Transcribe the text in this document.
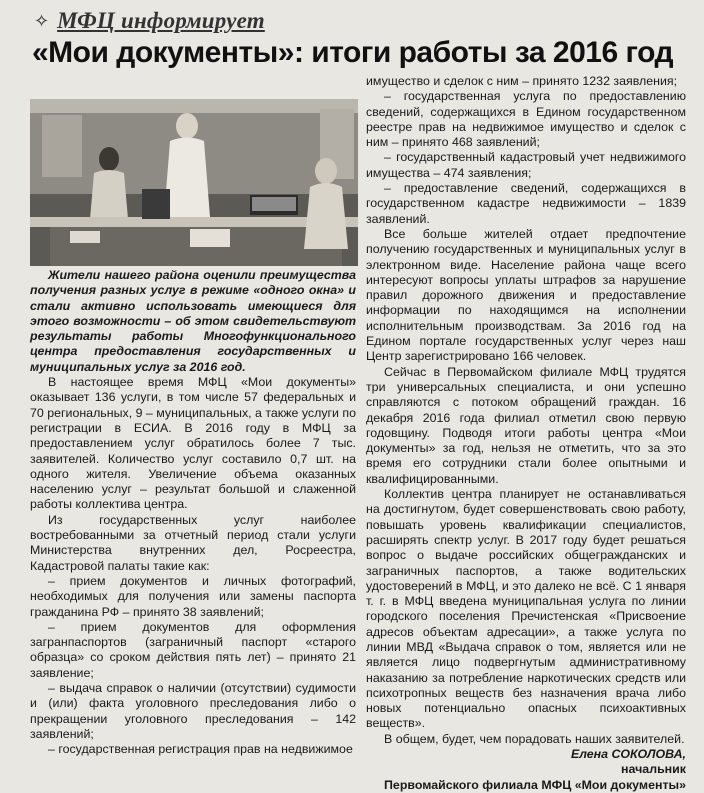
✧ МФЦ информирует
«Мои документы»: итоги работы за 2016 год

Жители нашего района оценили преимущества получения разных услуг в режиме «одного окна» и стали активно использовать имеющиеся для этого возможности – об этом свидетельствуют результаты работы Многофункционального центра предоставления государственных и муниципальных услуг за 2016 год.

В настоящее время МФЦ «Мои документы» оказывает 136 услуги, в том числе 57 федеральных и 70 региональных, 9 – муниципальных, а также услуги по регистрации в ЕСИА. В 2016 году в МФЦ за предоставлением услуг обратилось более 7 тыс. заявителей. Количество услуг составило 0,7 шт. на одного жителя. Увеличение объема оказанных населению услуг – результат большой и слаженной работы коллектива центра.

Из государственных услуг наиболее востребованными за отчетный период стали услуги Министерства внутренних дел, Росреестра, Кадастровой палаты такие как:

– прием документов и личных фотографий, необходимых для получения или замены паспорта гражданина РФ – принято 38 заявлений;

– прием документов для оформления загранпаспортов (заграничный паспорт «старого образца» со сроком действия пять лет) – принято 21 заявление;

– выдача справок о наличии (отсутствии) судимости и (или) факта уголовного преследования либо о прекращении уголовного преследования – 142 заявлений;

– государственная регистрация прав на недвижимое

имущество и сделок с ним – принято 1232 заявления;

– государственная услуга по предоставлению сведений, содержащихся в Едином государственном реестре прав на недвижимое имущество и сделок с ним – принято 468 заявлений;

– государственный кадастровый учет недвижимого имущества – 474 заявления;

– предоставление сведений, содержащихся в государственном кадастре недвижимости – 1839 заявлений.

Все больше жителей отдает предпочтение получению государственных и муниципальных услуг в электронном виде. Население района чаще всего интересуют вопросы уплаты штрафов за нарушение правил дорожного движения и предоставление информации по находящимся на исполнении исполнительным производствам. За 2016 год на Едином портале государственных услуг через наш Центр зарегистрировано 166 человек.

Сейчас в Первомайском филиале МФЦ трудятся три универсальных специалиста, и они успешно справляются с потоком обращений граждан. 16 декабря 2016 года филиал отметил свою первую годовщину. Подводя итоги работы центра «Мои документы» за год, нельзя не отметить, что за это время его сотрудники стали более опытными и квалифицированными.

Коллектив центра планирует не останавливаться на достигнутом, будет совершенствовать свою работу, повышать уровень квалификации специалистов, расширять спектр услуг. В 2017 году будет решаться вопрос о выдаче российских общегражданских и заграничных паспортов, а также водительских удостоверений в МФЦ, и это далеко не всё. С 1 января т. г. в МФЦ введена муниципальная услуга по линии городского поселения Пречистенская «Присвоение адресов объектам адресации», а также услуга по линии МВД «Выдача справок о том, является или не является лицо подвергнутым административному наказанию за потребление наркотических средств или психотропных веществ без назначения врача либо новых потенциально опасных психоактивных веществ».

В общем, будет, чем порадовать наших заявителей.

Елена СОКОЛОВА,
начальник
Первомайского филиала МФЦ «Мои документы»
